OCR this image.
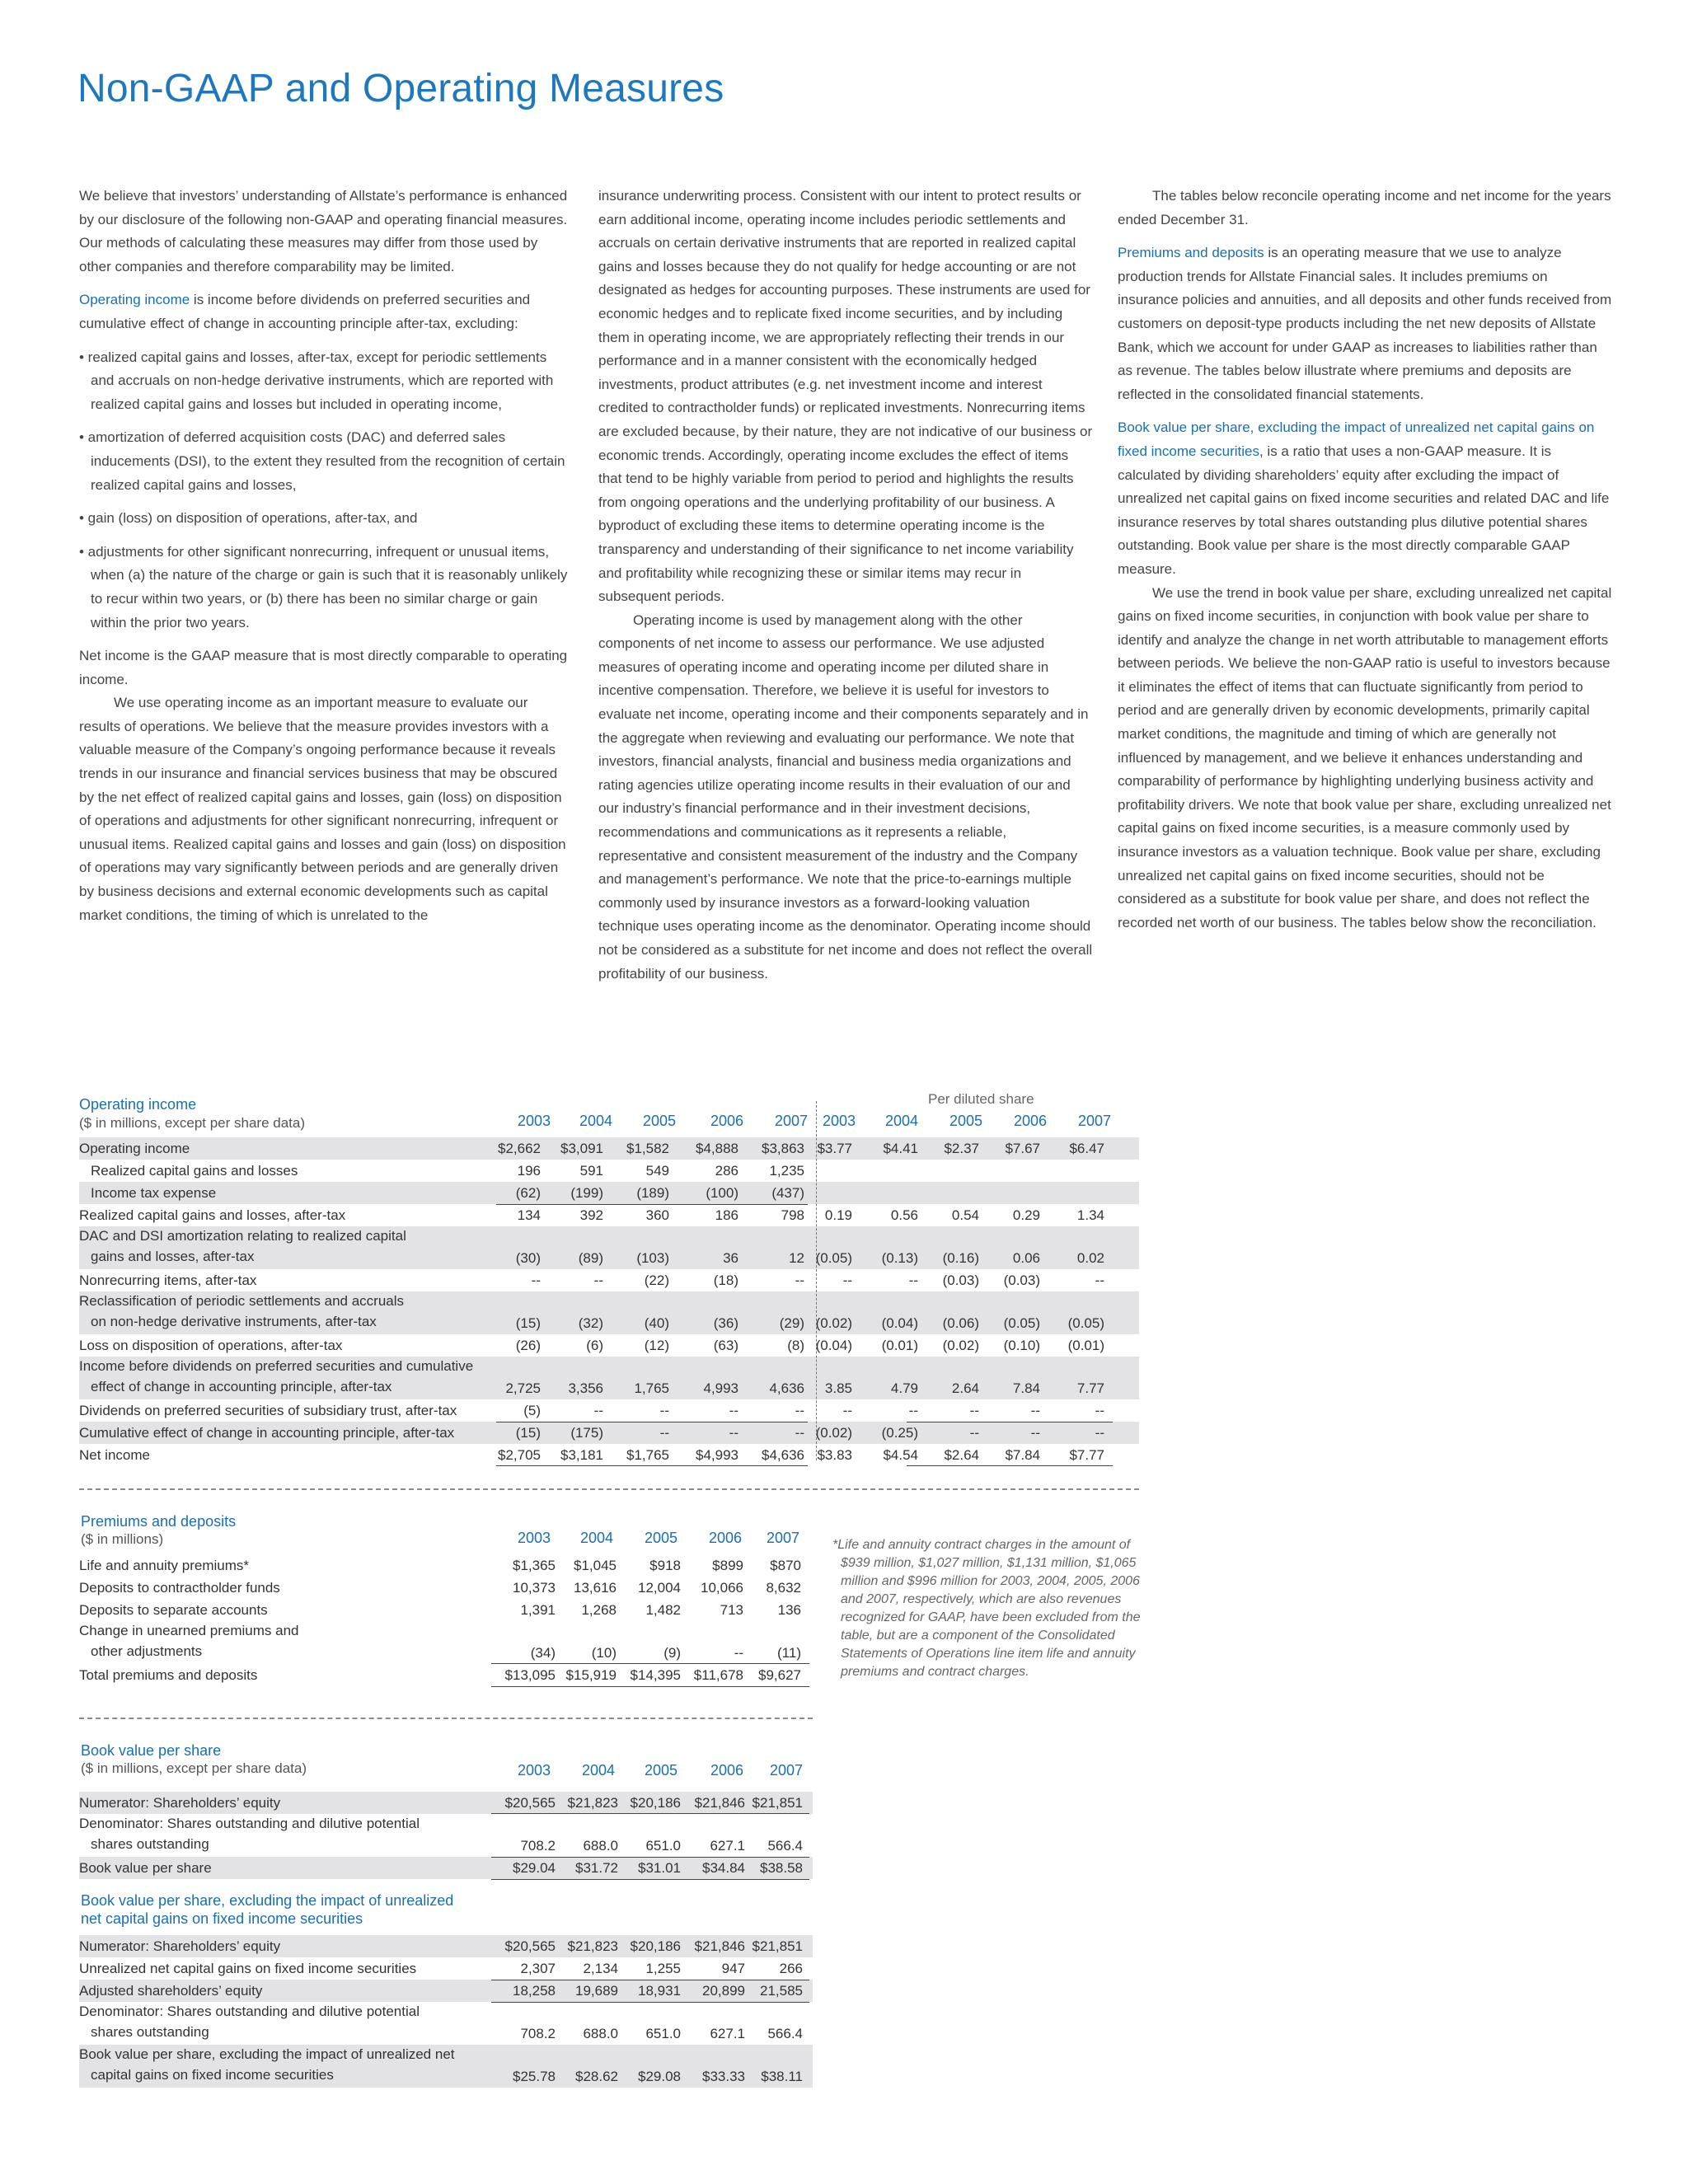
Non-GAAP and Operating Measures

We believe that investors’ understanding of Allstate’s performance is enhanced by our disclosure of the following non-GAAP and operating financial measures. Our methods of calculating these measures may differ from those used by other companies and therefore comparability may be limited.

Operating income is income before dividends on preferred securities and cumulative effect of change in accounting principle after-tax, excluding:

• realized capital gains and losses, after-tax, except for periodic settlements and accruals on non-hedge derivative instruments, which are reported with realized capital gains and losses but included in operating income,

• amortization of deferred acquisition costs (DAC) and deferred sales inducements (DSI), to the extent they resulted from the recognition of certain realized capital gains and losses,

• gain (loss) on disposition of operations, after-tax, and

• adjustments for other significant nonrecurring, infrequent or unusual items, when (a) the nature of the charge or gain is such that it is reasonably unlikely to recur within two years, or (b) there has been no similar charge or gain within the prior two years.

Net income is the GAAP measure that is most directly comparable to operating income.

We use operating income as an important measure to evaluate our results of operations. We believe that the measure provides investors with a valuable measure of the Company’s ongoing performance because it reveals trends in our insurance and financial services business that may be obscured by the net effect of realized capital gains and losses, gain (loss) on disposition of operations and adjustments for other significant nonrecurring, infrequent or unusual items. Realized capital gains and losses and gain (loss) on disposition of operations may vary significantly between periods and are generally driven by business decisions and external economic developments such as capital market conditions, the timing of which is unrelated to the

insurance underwriting process. Consistent with our intent to protect results or earn additional income, operating income includes periodic settlements and accruals on certain derivative instruments that are reported in realized capital gains and losses because they do not qualify for hedge accounting or are not designated as hedges for accounting purposes. These instruments are used for economic hedges and to replicate fixed income securities, and by including them in operating income, we are appropriately reflecting their trends in our performance and in a manner consistent with the economically hedged investments, product attributes (e.g. net investment income and interest credited to contractholder funds) or replicated investments. Nonrecurring items are excluded because, by their nature, they are not indicative of our business or economic trends. Accordingly, operating income excludes the effect of items that tend to be highly variable from period to period and highlights the results from ongoing operations and the underlying profitability of our business. A byproduct of excluding these items to determine operating income is the transparency and understanding of their significance to net income variability and profitability while recognizing these or similar items may recur in subsequent periods.

Operating income is used by management along with the other components of net income to assess our performance. We use adjusted measures of operating income and operating income per diluted share in incentive compensation. Therefore, we believe it is useful for investors to evaluate net income, operating income and their components separately and in the aggregate when reviewing and evaluating our performance. We note that investors, financial analysts, financial and business media organizations and rating agencies utilize operating income results in their evaluation of our and our industry’s financial performance and in their investment decisions, recommendations and communications as it represents a reliable, representative and consistent measurement of the industry and the Company and management’s performance. We note that the price-to-earnings multiple commonly used by insurance investors as a forward-looking valuation technique uses operating income as the denominator. Operating income should not be considered as a substitute for net income and does not reflect the overall profitability of our business.

The tables below reconcile operating income and net income for the years ended December 31.

Premiums and deposits is an operating measure that we use to analyze production trends for Allstate Financial sales. It includes premiums on insurance policies and annuities, and all deposits and other funds received from customers on deposit-type products including the net new deposits of Allstate Bank, which we account for under GAAP as increases to liabilities rather than as revenue. The tables below illustrate where premiums and deposits are reflected in the consolidated financial statements.

Book value per share, excluding the impact of unrealized net capital gains on fixed income securities, is a ratio that uses a non-GAAP measure. It is calculated by dividing shareholders’ equity after excluding the impact of unrealized net capital gains on fixed income securities and related DAC and life insurance reserves by total shares outstanding plus dilutive potential shares outstanding. Book value per share is the most directly comparable GAAP measure.

We use the trend in book value per share, excluding unrealized net capital gains on fixed income securities, in conjunction with book value per share to identify and analyze the change in net worth attributable to management efforts between periods. We believe the non-GAAP ratio is useful to investors because it eliminates the effect of items that can fluctuate significantly from period to period and are generally driven by economic developments, primarily capital market conditions, the magnitude and timing of which are generally not influenced by management, and we believe it enhances understanding and comparability of performance by highlighting underlying business activity and profitability drivers. We note that book value per share, excluding unrealized net capital gains on fixed income securities, is a measure commonly used by insurance investors as a valuation technique. Book value per share, excluding unrealized net capital gains on fixed income securities, should not be considered as a substitute for book value per share, and does not reflect the recorded net worth of our business. The tables below show the reconciliation.

Operating income
($ in millions, except per share data)
Per diluted share
2003	2004	2005	2006	2007 2003	2004	2005	2006	2007
Operating income	$2,662	$3,091	$1,582	$4,888	$3,863 $3.77	$4.41	$2.37	$7.67	$6.47
Realized capital gains and losses	196	591	549	286	1,235
Income tax expense	(62)	(199)	(189)	(100)	(437)
Realized capital gains and losses, after-tax	134	392	360	186	798	0.19	0.56	0.54	0.29	1.34
DAC and DSI amortization relating to realized capital
gains and losses, after-tax	(30)	(89)	(103)	36	12 (0.05)	(0.13)	(0.16)	0.06	0.02
Nonrecurring items, after-tax	--	--	(22)	(18)	--	--	--	(0.03)	(0.03)	--
Reclassification of periodic settlements and accruals
on non-hedge derivative instruments, after-tax	(15)	(32)	(40)	(36)	(29) (0.02)	(0.04)	(0.06)	(0.05)	(0.05)
Loss on disposition of operations, after-tax	(26)	(6)	(12)	(63)	(8) (0.04)	(0.01)	(0.02)	(0.10)	(0.01)
Income before dividends on preferred securities and cumulative
effect of change in accounting principle, after-tax	2,725	3,356	1,765	4,993	4,636	3.85	4.79	2.64	7.84	7.77
Dividends on preferred securities of subsidiary trust, after-tax	(5)	--	--	--	--	--	--	--	--	--
Cumulative effect of change in accounting principle, after-tax	(15)	(175)	--	--	-- (0.02)	(0.25)	--	--	--
Net income	$2,705	$3,181	$1,765	$4,993	$4,636 $3.83	$4.54	$2.64	$7.84	$7.77
Premiums and deposits
($ in millions)	2003	2004	2005	2006	2007
Life and annuity premiums*	$1,365	$1,045	$918	$899	$870
Deposits to contractholder funds	10,373	13,616	12,004	10,066	8,632
Deposits to separate accounts	1,391	1,268	1,482	713	136
Change in unearned premiums and
other adjustments	(34)	(10)	(9)	--	(11)
Total premiums and deposits	$13,095 $15,919 $14,395 $11,678	$9,627
*Life and annuity contract charges in the amount of $939 million, $1,027 million, $1,131 million, $1,065 million and $996 million for 2003, 2004, 2005, 2006 and 2007, respectively, which are also revenues recognized for GAAP, have been excluded from the table, but are a component of the Consolidated Statements of Operations line item life and annuity premiums and contract charges.
Book value per share
($ in millions, except per share data)	2003	2004	2005	2006	2007
Numerator: Shareholders’ equity	$20,565 $21,823 $20,186 $21,846 $21,851
Denominator: Shares outstanding and dilutive potential
shares outstanding	708.2	688.0	651.0	627.1	566.4
Book value per share	$29.04	$31.72	$31.01	$34.84	$38.58
Book value per share, excluding the impact of unrealized
net capital gains on fixed income securities
Numerator: Shareholders’ equity	$20,565 $21,823 $20,186 $21,846 $21,851
Unrealized net capital gains on fixed income securities	2,307	2,134	1,255	947	266
Adjusted shareholders’ equity	18,258	19,689	18,931	20,899	21,585
Denominator: Shares outstanding and dilutive potential
shares outstanding	708.2	688.0	651.0	627.1	566.4
Book value per share, excluding the impact of unrealized net
capital gains on fixed income securities	$25.78	$28.62	$29.08	$33.33	$38.11
